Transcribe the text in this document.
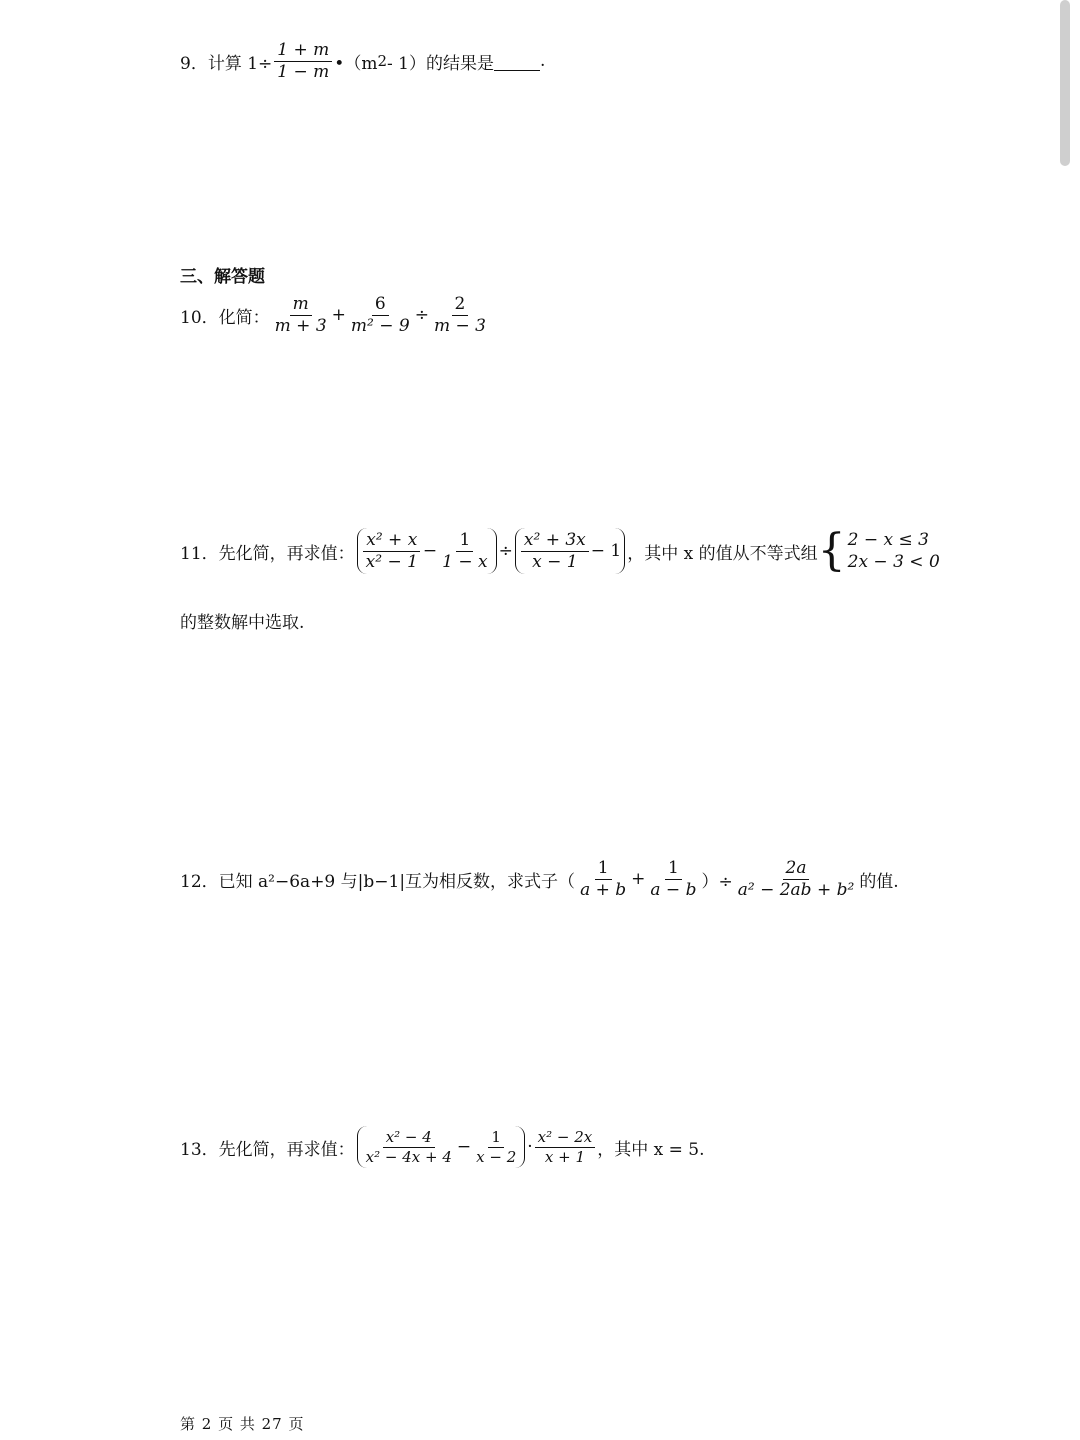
9． 计算 $1\div \frac{1 + m}{1 - m}$ •（m 2 ‑ 1）的结果是	.
三、解答题
10． 化简： $\frac{m}{m + 3} + \frac{6}{\text{m² − 9}} \div \frac{2}{m - 3}$
11． 先化简，再求值： $\frac{\text{x² + x}}{\text{x² − 1}} - \frac{1}{1 - x} \div \frac{\text{x² + 3x}}{x - 1} - 1$ ，其中 x 的值从不等式组 { 2 − x ≤ 3
2x − 3 < 0
的整数解中选取.
12． 已知 a²−6a+9 与|b−1|互为相反数，求式子（ $\frac{1}{a + b} + \frac{1}{a - b}$ ）÷ $\frac{2a}{\text{a² − 2ab + b²}}$ 的值.
13． 先化简，再求值： $\frac{\text{x² − 4}}{\text{x² − 4x + 4}} - \frac{1}{x - 2} \cdot \frac{\text{x² − 2x}}{x + 1}$ ，其中 x = 5.
第 2 页 共 27 页
